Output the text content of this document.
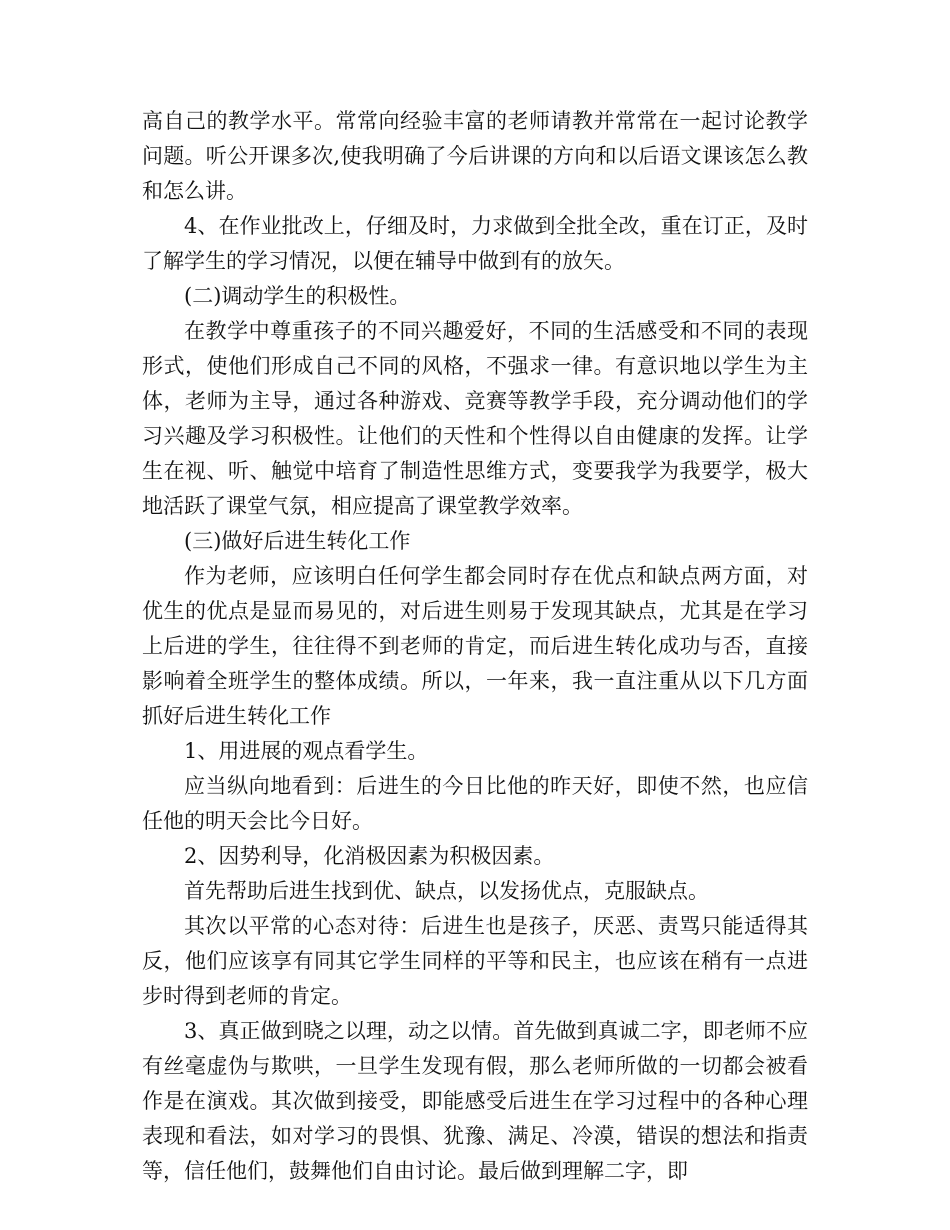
高自己的教学水平。常常向经验丰富的老师请教并常常在一起讨论教学问题。听公开课多次,使我明确了今后讲课的方向和以后语文课该怎么教和怎么讲。

4、在作业批改上，仔细及时，力求做到全批全改，重在订正，及时了解学生的学习情况，以便在辅导中做到有的放矢。

(二)调动学生的积极性。

在教学中尊重孩子的不同兴趣爱好，不同的生活感受和不同的表现形式，使他们形成自己不同的风格，不强求一律。有意识地以学生为主体，老师为主导，通过各种游戏、竞赛等教学手段，充分调动他们的学习兴趣及学习积极性。让他们的天性和个性得以自由健康的发挥。让学生在视、听、触觉中培育了制造性思维方式，变要我学为我要学，极大地活跃了课堂气氛，相应提高了课堂教学效率。

(三)做好后进生转化工作

作为老师，应该明白任何学生都会同时存在优点和缺点两方面，对优生的优点是显而易见的，对后进生则易于发现其缺点，尤其是在学习上后进的学生，往往得不到老师的肯定，而后进生转化成功与否，直接影响着全班学生的整体成绩。所以，一年来，我一直注重从以下几方面抓好后进生转化工作

1、用进展的观点看学生。

应当纵向地看到：后进生的今日比他的昨天好，即使不然，也应信任他的明天会比今日好。

2、因势利导，化消极因素为积极因素。

首先帮助后进生找到优、缺点，以发扬优点，克服缺点。

其次以平常的心态对待：后进生也是孩子，厌恶、责骂只能适得其反，他们应该享有同其它学生同样的平等和民主，也应该在稍有一点进步时得到老师的肯定。

3、真正做到晓之以理，动之以情。首先做到真诚二字，即老师不应有丝毫虚伪与欺哄，一旦学生发现有假，那么老师所做的一切都会被看作是在演戏。其次做到接受，即能感受后进生在学习过程中的各种心理表现和看法，如对学习的畏惧、犹豫、满足、冷漠，错误的想法和指责等，信任他们，鼓舞他们自由讨论。最后做到理解二字，即
